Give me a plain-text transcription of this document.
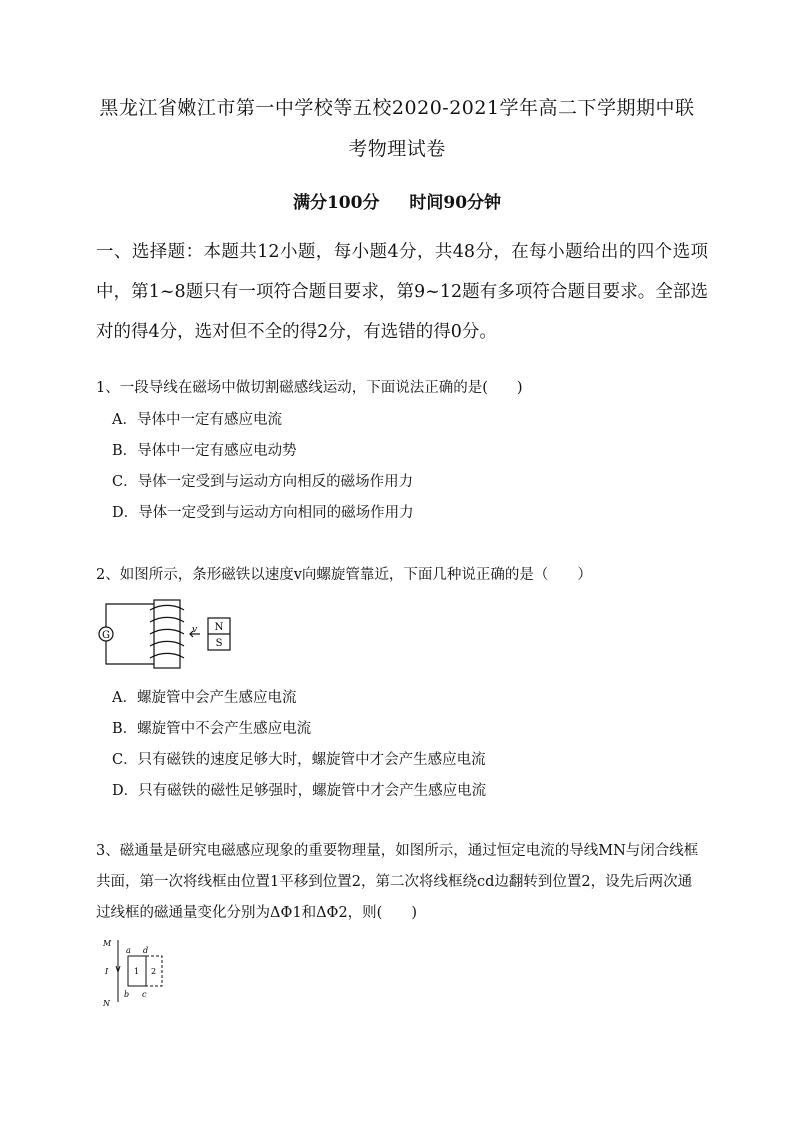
黑龙江省嫩江市第一中学校等五校2020-2021学年高二下学期期中联
考物理试卷
满分100分 时间90分钟
一、选择题：本题共12小题，每小题4分，共48分，在每小题给出的四个选项中，第1~8题只有一项符合题目要求，第9~12题有多项符合题目要求。全部选对的得4分，选对但不全的得2分，有选错的得0分。
1、一段导线在磁场中做切割磁感线运动，下面说法正确的是(　　)
A．导体中一定有感应电流
B．导体中一定有感应电动势
C．导体一定受到与运动方向相反的磁场作用力
D．导体一定受到与运动方向相同的磁场作用力
2、如图所示，条形磁铁以速度v向螺旋管靠近，下面几种说正确的是（　　）
G	v N
S
A．螺旋管中会产生感应电流
B．螺旋管中不会产生感应电流
C．只有磁铁的速度足够大时，螺旋管中才会产生感应电流
D．只有磁铁的磁性足够强时，螺旋管中才会产生感应电流
3、磁通量是研究电磁感应现象的重要物理量，如图所示，通过恒定电流的导线MN与闭合线框共面，第一次将线框由位置1平移到位置2，第二次将线框绕cd边翻转到位置2，设先后两次通过线框的磁通量变化分别为ΔΦ1和ΔΦ2，则(　　)
M
I
N
a d
b c
1 2
